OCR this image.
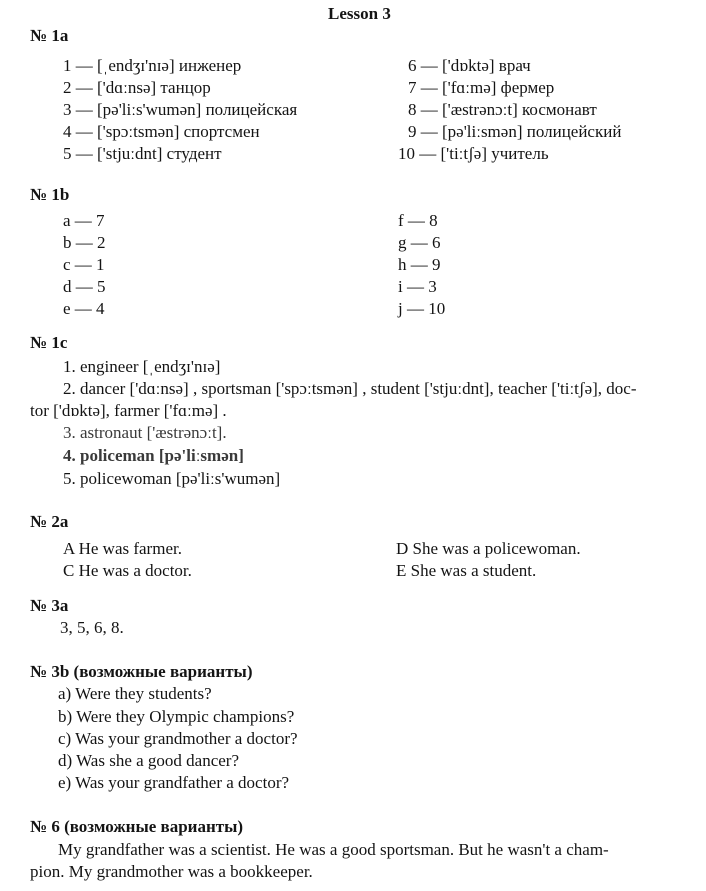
Lesson 3
№ 1a
1 — [ˌendʒɪ'nɪə] инженер
2 — ['dɑːnsə] танцор
3 — [pə'liːs'wumən] полицейская
4 — ['spɔːtsmən] спортсмен
5 — ['stjuːdnt] студент
6 — ['dɒktə] врач
7 — ['fɑːmə] фермер
8 — ['æstrənɔːt] космонавт
9 — [pə'liːsmən] полицейский
10 — ['tiːtʃə] учитель
№ 1b
a — 7
b — 2
c — 1
d — 5
e — 4
f — 8
g — 6
h — 9
i — 3
j — 10
№ 1c
1. engineer [ˌendʒɪ'nɪə]
2. dancer ['dɑːnsə] , sportsman ['spɔːtsmən] , student ['stjuːdnt], teacher ['tiːtʃə], doc-
tor ['dɒktə], farmer ['fɑːmə] .
3. astronaut ['æstrənɔːt].
4. policeman [pə'liːsmən]
5. policewoman [pə'liːs'wumən]
№ 2a
A He was farmer.
C He was a doctor.
D She was a policewoman.
E She was a student.
№ 3a
3, 5, 6, 8.
№ 3b (возможные варианты)
a) Were they students?
b) Were they Olympic champions?
c) Was your grandmother a doctor?
d) Was she a good dancer?
e) Was your grandfather a doctor?
№ 6 (возможные варианты)
My grandfather was a scientist. He was a good sportsman. But he wasn't a cham-
pion. My grandmother was a bookkeeper.
